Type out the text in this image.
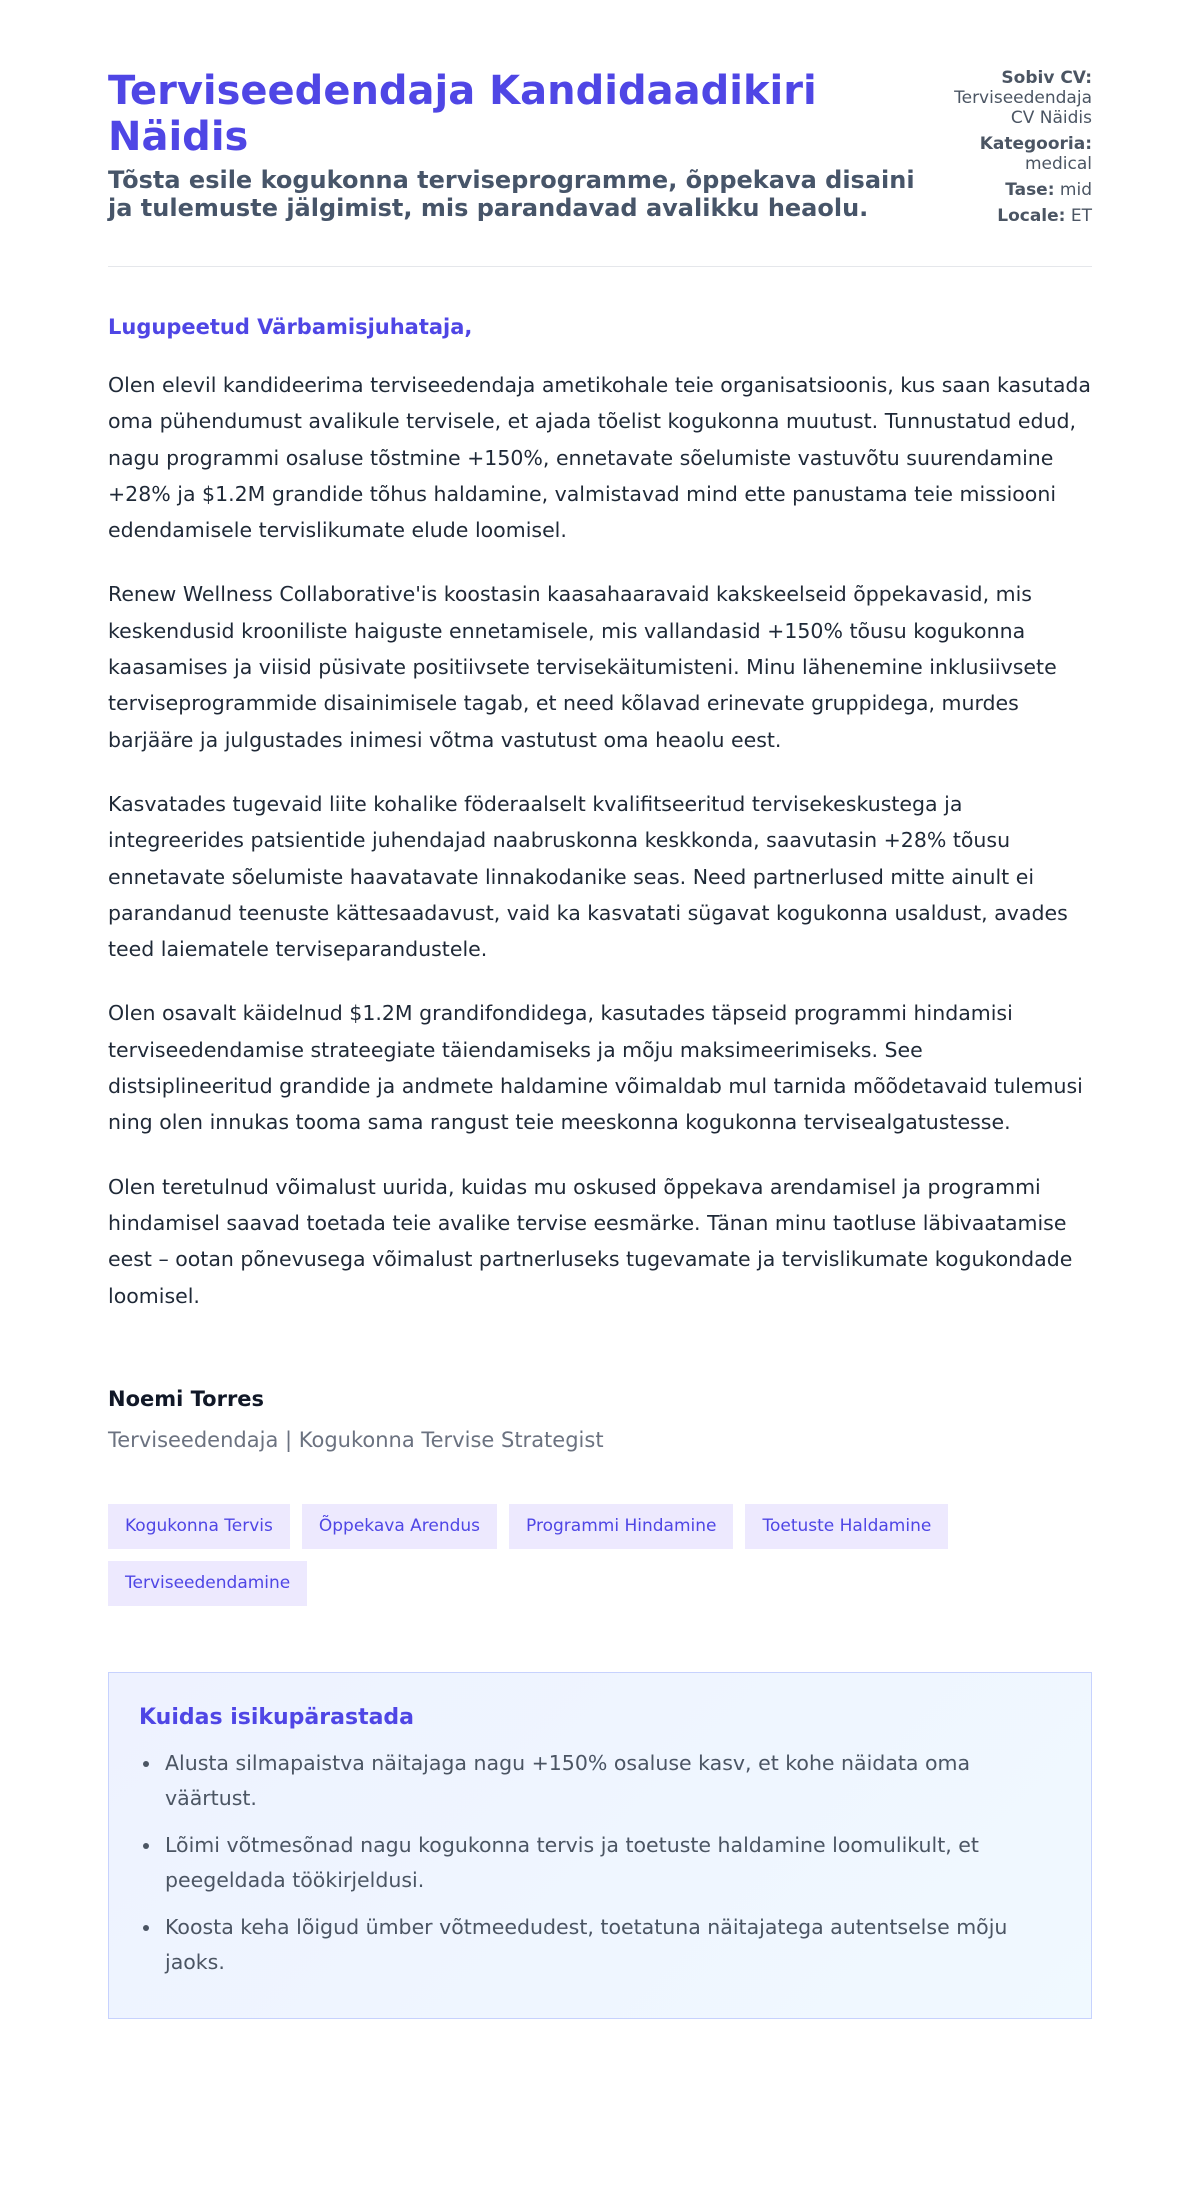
Terviseedendaja Kandidaadikiri Näidis
Tõsta esile kogukonna terviseprogramme, õppekava disaini ja tulemuste jälgimist, mis parandavad avalikku heaolu.
Sobiv CV:
Terviseedendaja CV Näidis
Kategooria:
medical
Tase: mid
Locale: ET
Lugupeetud Värbamisjuhataja,

Olen elevil kandideerima terviseedendaja ametikohale teie organisatsioonis, kus saan kasutada oma pühendumust avalikule tervisele, et ajada tõelist kogukonna muutust. Tunnustatud edud, nagu programmi osaluse tõstmine +150%, ennetavate sõelumiste vastuvõtu suurendamine +28% ja $1.2M grandide tõhus haldamine, valmistavad mind ette panustama teie missiooni edendamisele tervislikumate elude loomisel.

Renew Wellness Collaborative'is koostasin kaasahaaravaid kakskeelseid õppekavasid, mis keskendusid krooniliste haiguste ennetamisele, mis vallandasid +150% tõusu kogukonna kaasamises ja viisid püsivate positiivsete tervisekäitumisteni. Minu lähenemine inklusiivsete terviseprogrammide disainimisele tagab, et need kõlavad erinevate gruppidega, murdes barjääre ja julgustades inimesi võtma vastutust oma heaolu eest.

Kasvatades tugevaid liite kohalike föderaalselt kvalifitseeritud tervisekeskustega ja integreerides patsientide juhendajad naabruskonna keskkonda, saavutasin +28% tõusu ennetavate sõelumiste haavatavate linnakodanike seas. Need partnerlused mitte ainult ei parandanud teenuste kättesaadavust, vaid ka kasvatati sügavat kogukonna usaldust, avades teed laiematele terviseparandustele.

Olen osavalt käidelnud $1.2M grandifondidega, kasutades täpseid programmi hindamisi terviseedendamise strateegiate täiendamiseks ja mõju maksimeerimiseks. See distsiplineeritud grandide ja andmete haldamine võimaldab mul tarnida mõõdetavaid tulemusi ning olen innukas tooma sama rangust teie meeskonna kogukonna tervisealgatustesse.

Olen teretulnud võimalust uurida, kuidas mu oskused õppekava arendamisel ja programmi hindamisel saavad toetada teie avalike tervise eesmärke. Tänan minu taotluse läbivaatamise eest – ootan põnevusega võimalust partnerluseks tugevamate ja tervislikumate kogukondade loomisel.

Noemi Torres
Terviseedendaja | Kogukonna Tervise Strategist
Kogukonna Tervis	Õppekava Arendus	Programmi Hindamine	Toetuste Haldamine
Terviseedendamine
Kuidas isikupärastada
Alusta silmapaistva näitajaga nagu +150% osaluse kasv, et kohe näidata oma väärtust.
Lõimi võtmesõnad nagu kogukonna tervis ja toetuste haldamine loomulikult, et peegeldada töökirjeldusi.
Koosta keha lõigud ümber võtmeedudest, toetatuna näitajatega autentselse mõju jaoks.
